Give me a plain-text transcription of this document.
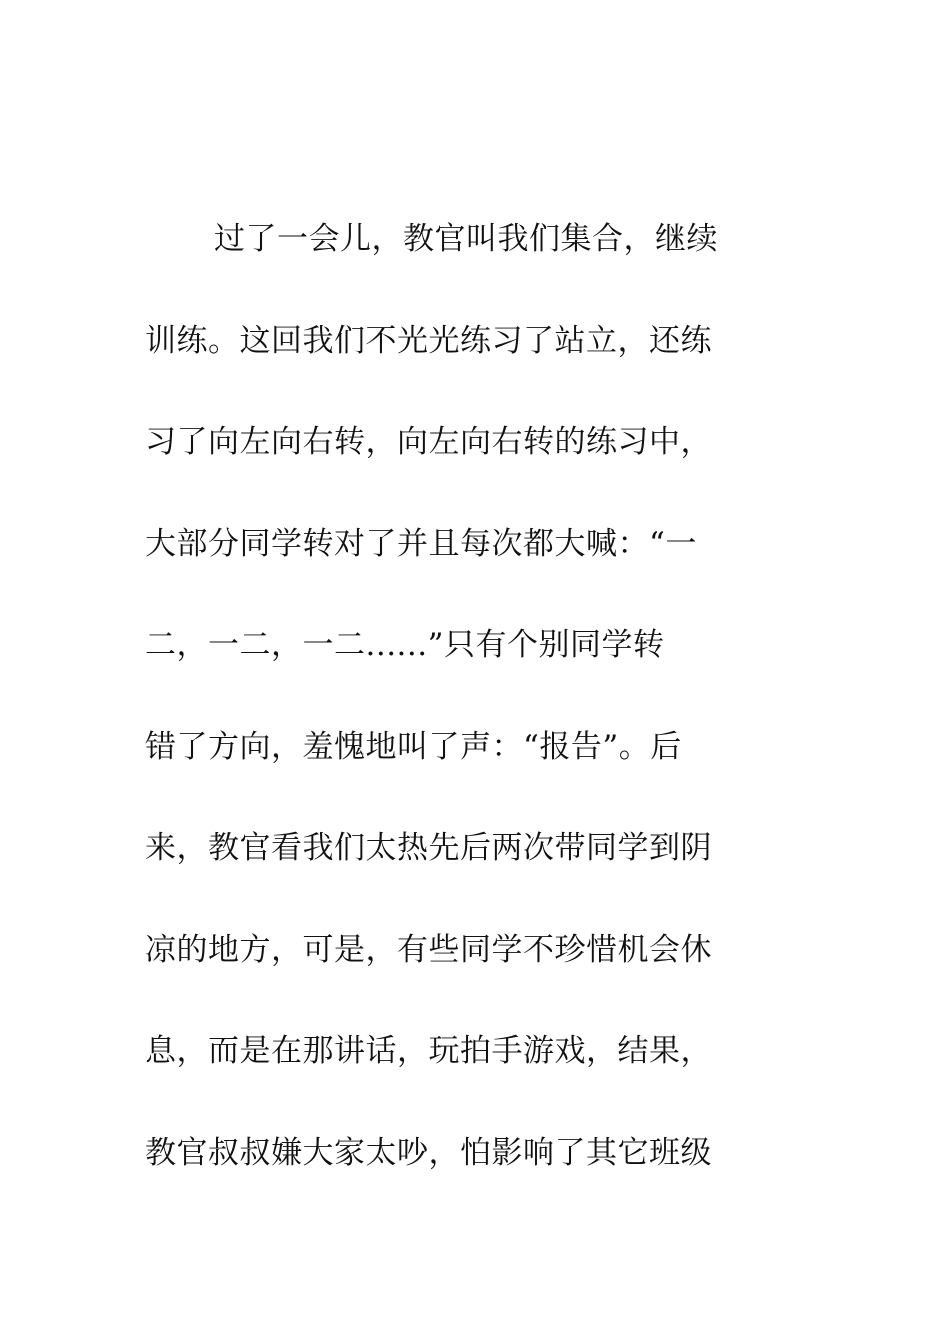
过了一会儿，教官叫我们集合，继续
训练。这回我们不光光练习了站立，还练
习了向左向右转，向左向右转的练习中，
大部分同学转对了并且每次都大喊：“一
二，一二，一二......”只有个别同学转
错了方向，羞愧地叫了声：“报告”。后
来，教官看我们太热先后两次带同学到阴
凉的地方，可是，有些同学不珍惜机会休
息，而是在那讲话，玩拍手游戏，结果，
教官叔叔嫌大家太吵，怕影响了其它班级
